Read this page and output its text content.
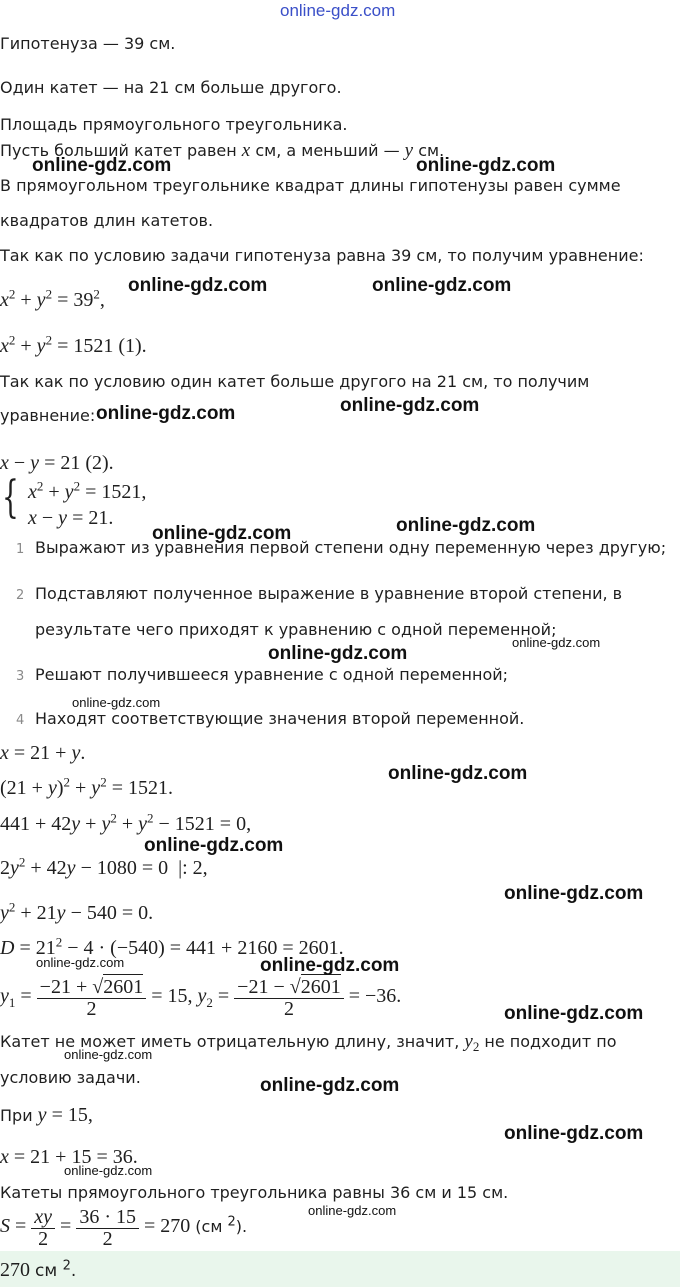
online-gdz.com
Гипотенуза — 39 см.
Один катет — на 21 см больше другого.
Площадь прямоугольного треугольника.
Пусть больший катет равен x см, а меньший — y см.
В прямоугольном треугольнике квадрат длины гипотенузы равен сумме
квадратов длин катетов.
Так как по условию задачи гипотенуза равна 39 см, то получим уравнение:
$x^2 + y^2 = 39^2$,
$x^2 + y^2 = 1521$ (1).
Так как по условию один катет больше другого на 21 см, то получим
уравнение:
x − y = 21 (2).
{ $x^2 + y^2 = 1521$,
x − y = 21.
1 Выражают из уравнения первой степени одну переменную через другую;
2 Подставляют полученное выражение в уравнение второй степени, в
результате чего приходят к уравнению с одной переменной;
3 Решают получившееся уравнение с одной переменной;
4 Находят соответствующие значения второй переменной.
x = 21 + y.
$(21 + y)^2 + y^2 = 1521$.
$441 + 42y + y^2 + y^2 - 1521 = 0$,
$2y^2 + 42y - 1080 = 0$  |: 2,
$y^2 + 21y - 540 = 0$.
$D = 21^2 - 4 \cdot (-540) = 441 + 2160 = 2601$.
$y_1 = \frac{-21 + √2601}{2} = 15$, $y_2 = \frac{-21 - √2601}{2} = -36$.
Катет не может иметь отрицательную длину, значит, $y_2$ не подходит по
условию задачи.
При y = 15,
x = 21 + 15 = 36.
Катеты прямоугольного треугольника равны 36 см и 15 см.
$S = \frac{xy}{2} = \frac{36 \cdot 15}{2} = 270$ (см $^2$).
270 см $^2$.
online-gdz.com	online-gdz.com
online-gdz.com	online-gdz.com
online-gdz.com	online-gdz.com
online-gdz.com	online-gdz.com
online-gdz.com
online-gdz.com
online-gdz.com
online-gdz.com
online-gdz.com
online-gdz.com
online-gdz.com	online-gdz.com
online-gdz.com
online-gdz.com
online-gdz.com
online-gdz.com
online-gdz.com
online-gdz.com
